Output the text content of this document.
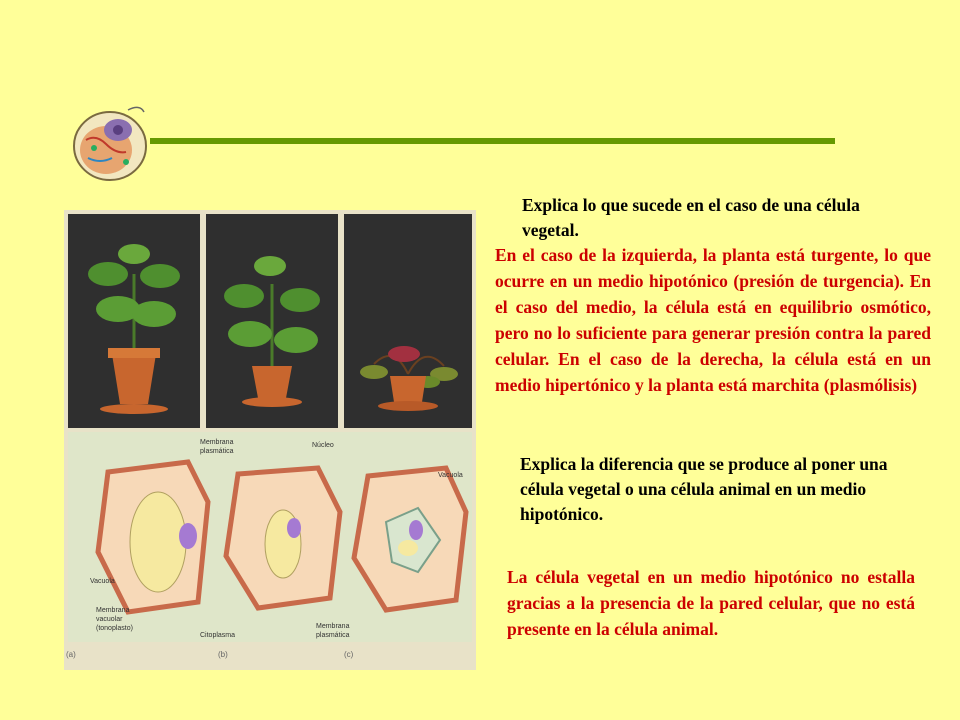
(a)	(b)	(c)
Explica lo que sucede en el caso de una célula vegetal.
En el caso de la izquierda, la planta está turgente, lo que ocurre en un medio hipotónico (presión de turgencia). En el caso del medio, la célula está en equilibrio osmótico, pero no lo suficiente para generar presión contra la pared celular. En el caso de la derecha, la célula está en un medio hipertónico y la planta está marchita (plasmólisis)
Explica la diferencia que se produce al poner una célula vegetal o una célula animal en un medio hipotónico.
La célula vegetal en un medio hipotónico no estalla gracias a la presencia de la pared celular, que no está presente en la célula animal.
Membrana
plasmática
Núcleo
Vacuola
Vacuola
Membrana
vacuolar
(tonoplasto)
Citoplasma
Membrana
plasmática
